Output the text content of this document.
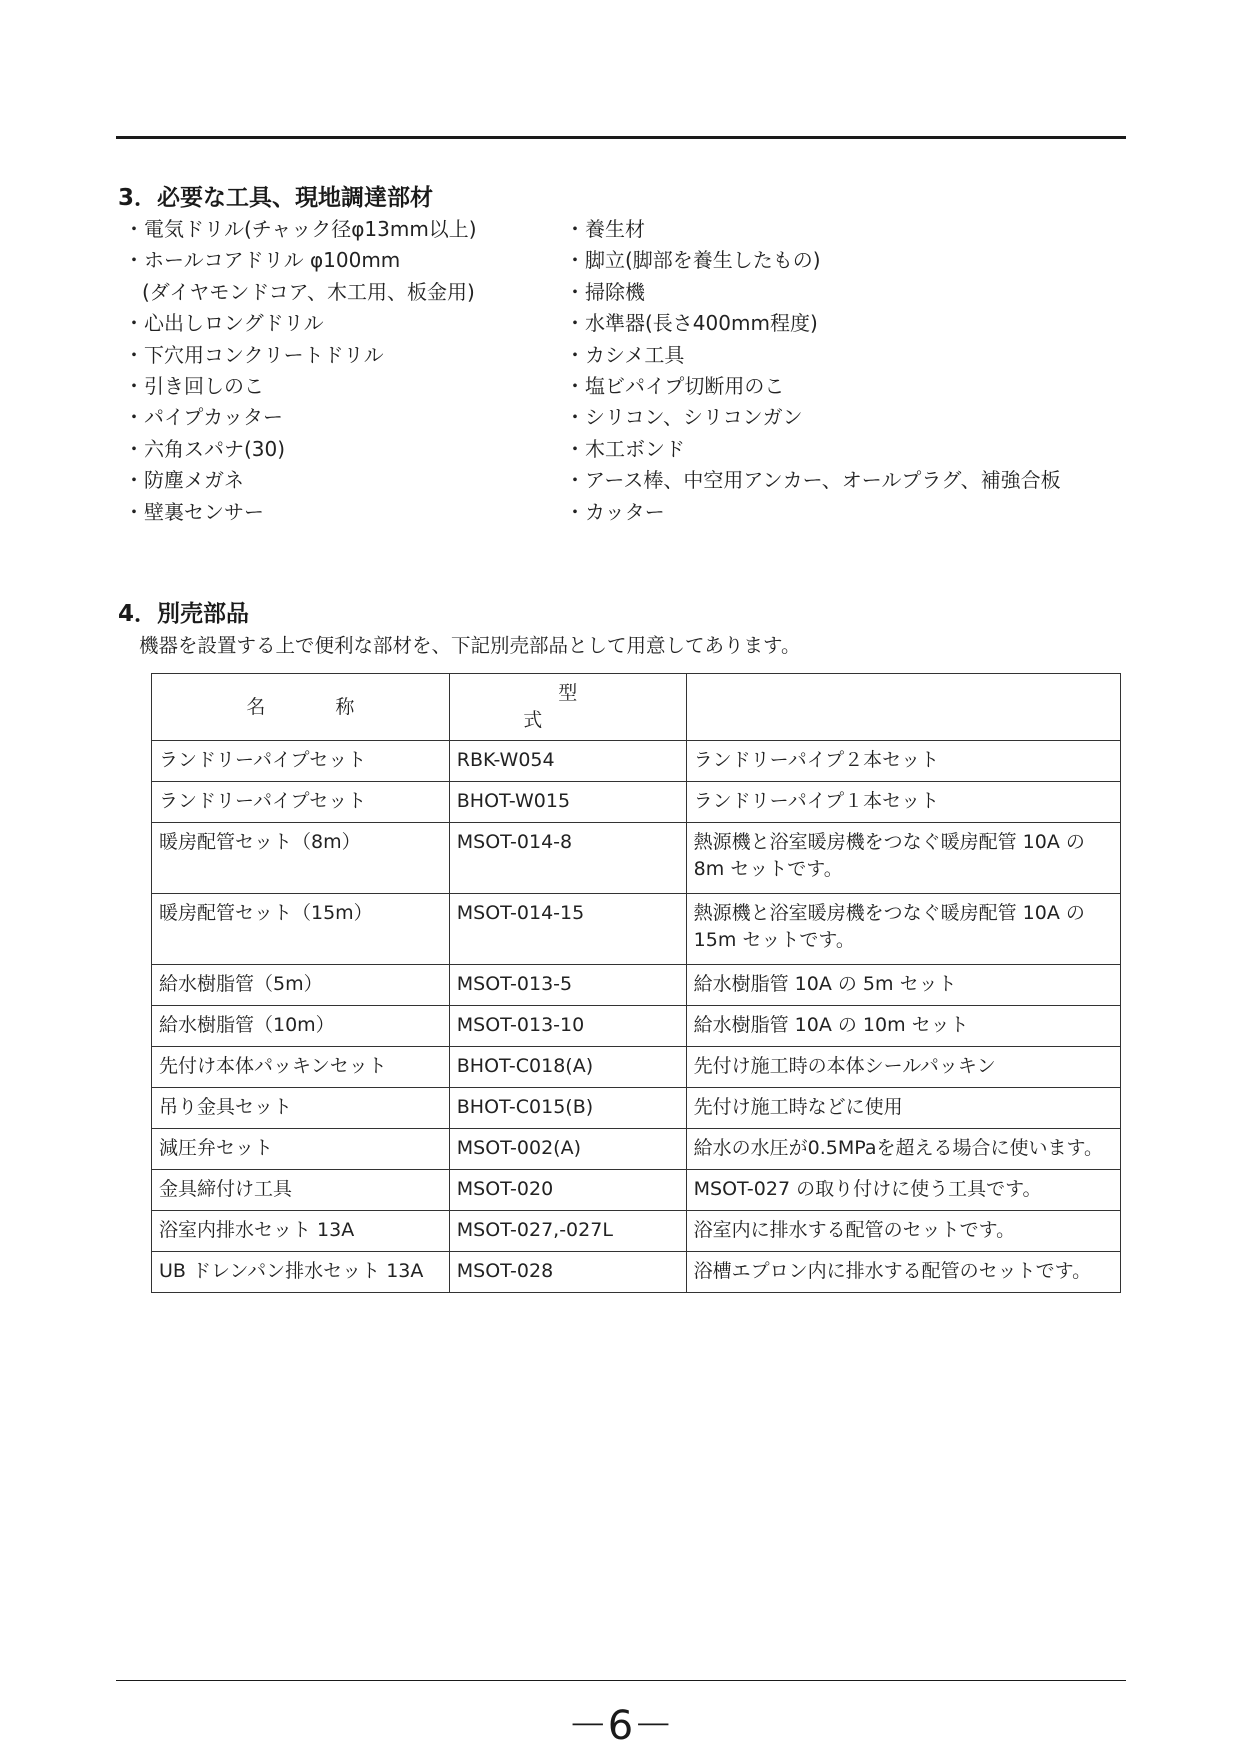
3．必要な工具、現地調達部材
・電気ドリル(チャック径φ13mm以上)
・ホールコアドリル φ100mm
(ダイヤモンドコア、木工用、板金用)
・心出しロングドリル
・下穴用コンクリートドリル
・引き回しのこ
・パイプカッター
・六角スパナ(30)
・防塵メガネ
・壁裏センサー
・養生材
・脚立(脚部を養生したもの)
・掃除機
・水準器(長さ400mm程度)
・カシメ工具
・塩ビパイプ切断用のこ
・シリコン、シリコンガン
・木工ボンド
・アース棒、中空用アンカー、オールプラグ、補強合板
・カッター
4．別売部品
機器を設置する上で便利な部材を、下記別売部品として用意してあります。
名称	型式	
ランドリーパイプセット	RBK-W054	ランドリーパイプ２本セット
ランドリーパイプセット	BHOT-W015	ランドリーパイプ１本セット
暖房配管セット（8m）	MSOT-014-8	熱源機と浴室暖房機をつなぐ暖房配管 10A の 8m セットです。
暖房配管セット（15m）	MSOT-014-15	熱源機と浴室暖房機をつなぐ暖房配管 10A の 15m セットです。
給水樹脂管（5m）	MSOT-013-5	給水樹脂管 10A の 5m セット
給水樹脂管（10m）	MSOT-013-10	給水樹脂管 10A の 10m セット
先付け本体パッキンセット	BHOT-C018(A)	先付け施工時の本体シールパッキン
吊り金具セット	BHOT-C015(B)	先付け施工時などに使用
減圧弁セット	MSOT-002(A)	給水の水圧が0.5MPaを超える場合に使います。
金具締付け工具	MSOT-020	MSOT-027 の取り付けに使う工具です。
浴室内排水セット 13A	MSOT-027,-027L	浴室内に排水する配管のセットです。
UB ドレンパン排水セット 13A	MSOT-028	浴槽エプロン内に排水する配管のセットです。
－6－
